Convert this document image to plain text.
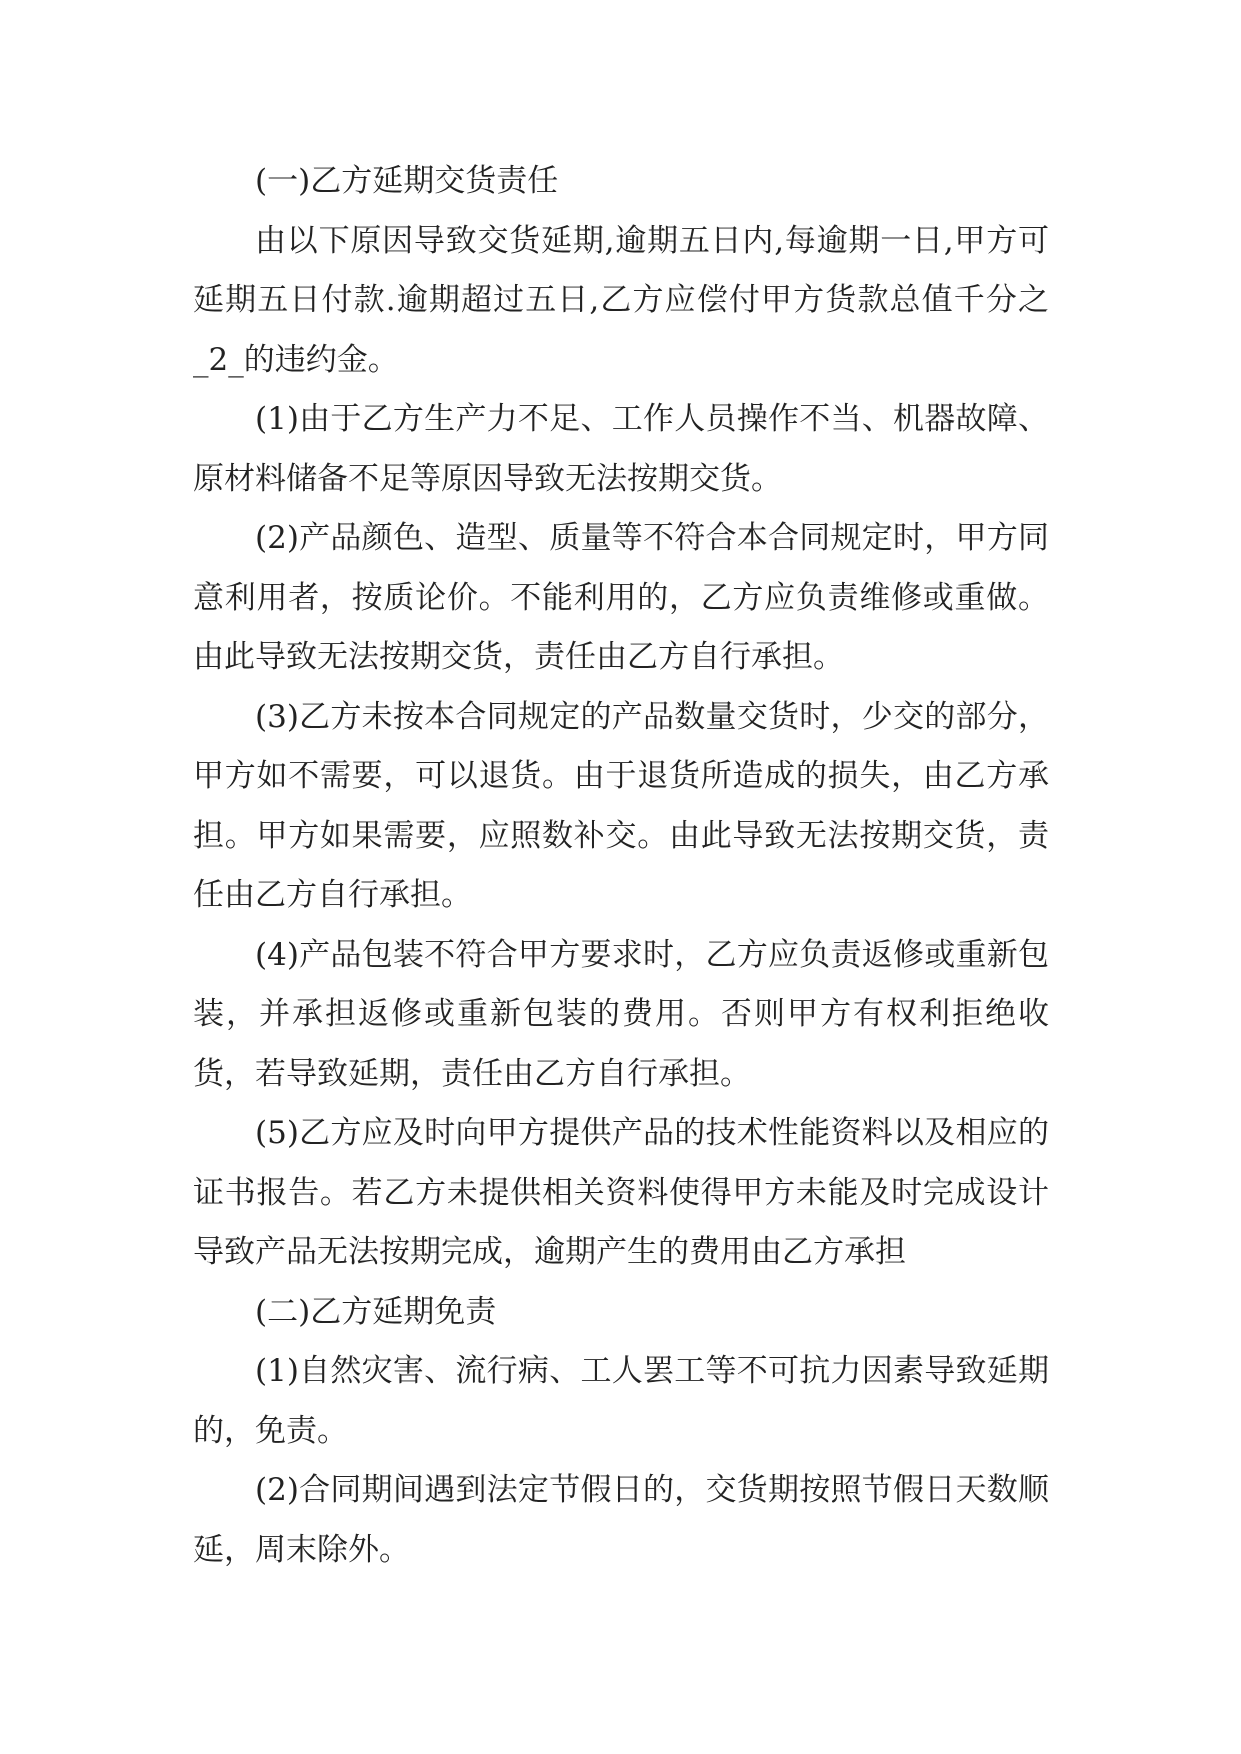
(一)乙方延期交货责任

由以下原因导致交货延期,逾期五日内,每逾期一日,甲方可延期五日付款.逾期超过五日,乙方应偿付甲方货款总值千分之_2_的违约金。

(1)由于乙方生产力不足、工作人员操作不当、机器故障、原材料储备不足等原因导致无法按期交货。

(2)产品颜色、造型、质量等不符合本合同规定时，甲方同意利用者，按质论价。不能利用的，乙方应负责维修或重做。由此导致无法按期交货，责任由乙方自行承担。

(3)乙方未按本合同规定的产品数量交货时，少交的部分，甲方如不需要，可以退货。由于退货所造成的损失，由乙方承担。甲方如果需要，应照数补交。由此导致无法按期交货，责任由乙方自行承担。

(4)产品包装不符合甲方要求时，乙方应负责返修或重新包装，并承担返修或重新包装的费用。否则甲方有权利拒绝收货，若导致延期，责任由乙方自行承担。

(5)乙方应及时向甲方提供产品的技术性能资料以及相应的证书报告。若乙方未提供相关资料使得甲方未能及时完成设计导致产品无法按期完成，逾期产生的费用由乙方承担

(二)乙方延期免责

(1)自然灾害、流行病、工人罢工等不可抗力因素导致延期的，免责。

(2)合同期间遇到法定节假日的，交货期按照节假日天数顺延，周末除外。
